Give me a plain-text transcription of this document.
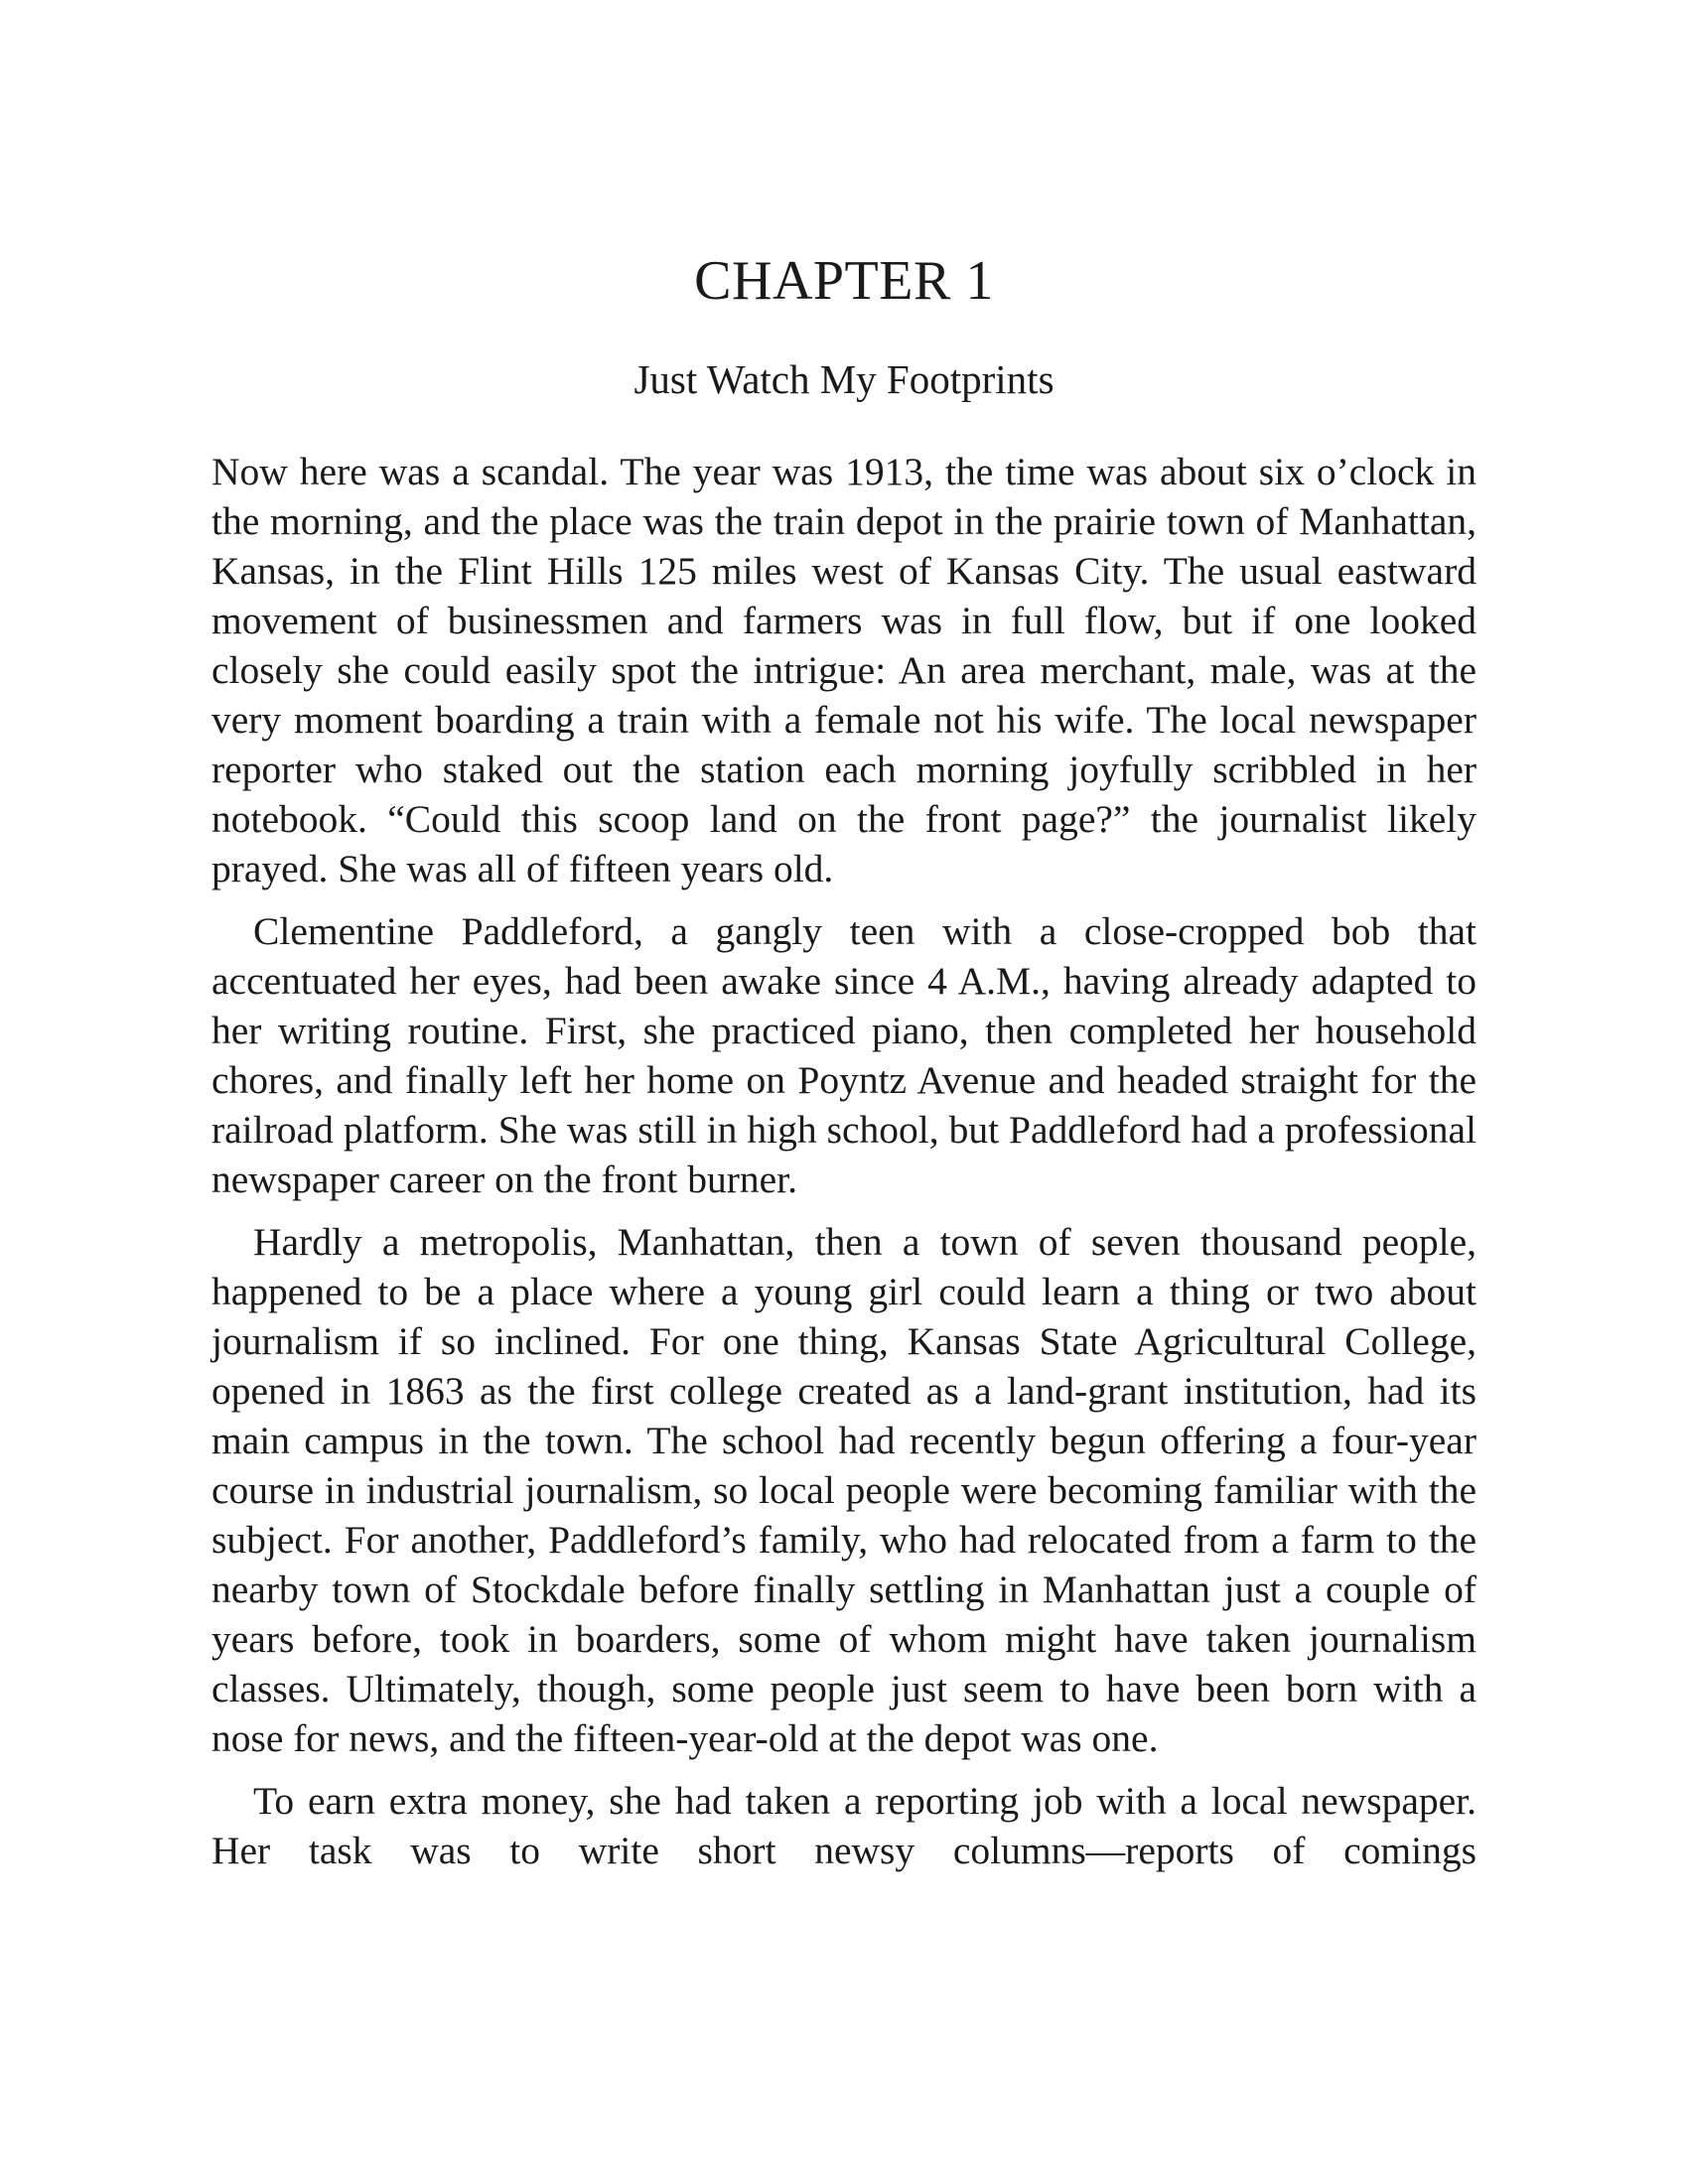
CHAPTER 1
Just Watch My Footprints

Now here was a scandal. The year was 1913, the time was about six o’clock in the morning, and the place was the train depot in the prairie town of Manhattan, Kansas, in the Flint Hills 125 miles west of Kansas City. The usual eastward movement of businessmen and farmers was in full flow, but if one looked closely she could easily spot the intrigue: An area merchant, male, was at the very moment boarding a train with a female not his wife. The local newspaper reporter who staked out the station each morning joyfully scribbled in her notebook. “Could this scoop land on the front page?” the journalist likely prayed. She was all of fifteen years old.

Clementine Paddleford, a gangly teen with a close-cropped bob that accentuated her eyes, had been awake since 4 A.M., having already adapted to her writing routine. First, she practiced piano, then completed her household chores, and finally left her home on Poyntz Avenue and headed straight for the railroad platform. She was still in high school, but Paddleford had a professional newspaper career on the front burner.

Hardly a metropolis, Manhattan, then a town of seven thousand people, happened to be a place where a young girl could learn a thing or two about journalism if so inclined. For one thing, Kansas State Agricultural College, opened in 1863 as the first college created as a land-grant institution, had its main campus in the town. The school had recently begun offering a four-year course in industrial journalism, so local people were becoming familiar with the subject. For another, Paddleford’s family, who had relocated from a farm to the nearby town of Stockdale before finally settling in Manhattan just a couple of years before, took in boarders, some of whom might have taken journalism classes. Ultimately, though, some people just seem to have been born with a nose for news, and the fifteen-year-old at the depot was one.

To earn extra money, she had taken a reporting job with a local newspaper. Her task was to write short newsy columns—reports of comings
